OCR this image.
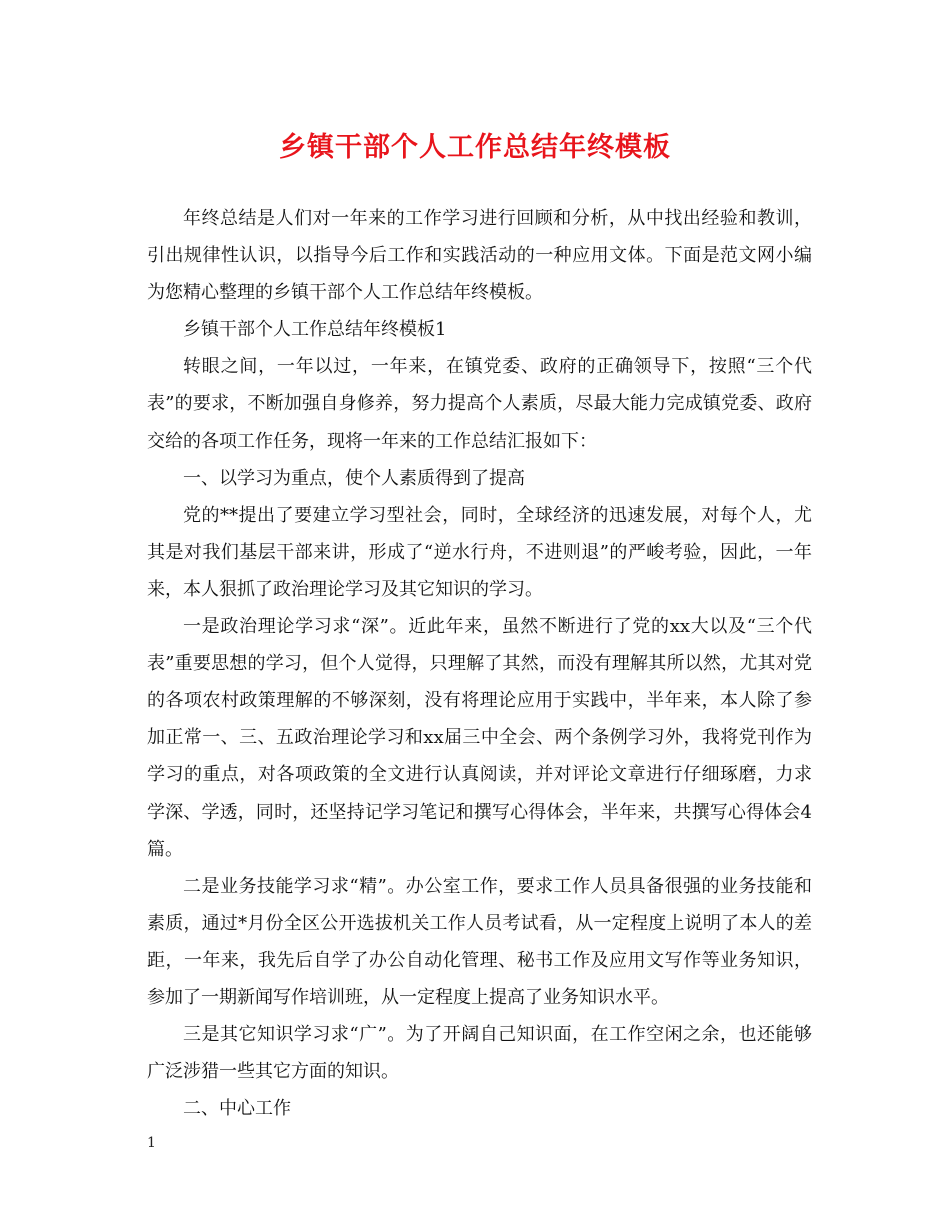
乡镇干部个人工作总结年终模板

年终总结是人们对一年来的工作学习进行回顾和分析，从中找出经验和教训，引出规律性认识，以指导今后工作和实践活动的一种应用文体。下面是范文网小编为您精心整理的乡镇干部个人工作总结年终模板。

乡镇干部个人工作总结年终模板1

转眼之间，一年以过，一年来，在镇党委、政府的正确领导下，按照“三个代表”的要求，不断加强自身修养，努力提高个人素质，尽最大能力完成镇党委、政府交给的各项工作任务，现将一年来的工作总结汇报如下：

一、以学习为重点，使个人素质得到了提高

党的**提出了要建立学习型社会，同时，全球经济的迅速发展，对每个人，尤其是对我们基层干部来讲，形成了“逆水行舟，不进则退”的严峻考验，因此，一年来，本人狠抓了政治理论学习及其它知识的学习。

一是政治理论学习求“深”。近此年来，虽然不断进行了党的xx大以及“三个代表”重要思想的学习，但个人觉得，只理解了其然，而没有理解其所以然，尤其对党的各项农村政策理解的不够深刻，没有将理论应用于实践中，半年来，本人除了参加正常一、三、五政治理论学习和xx届三中全会、两个条例学习外，我将党刊作为学习的重点，对各项政策的全文进行认真阅读，并对评论文章进行仔细琢磨，力求学深、学透，同时，还坚持记学习笔记和撰写心得体会，半年来，共撰写心得体会4篇。

二是业务技能学习求“精”。办公室工作，要求工作人员具备很强的业务技能和素质，通过*月份全区公开选拔机关工作人员考试看，从一定程度上说明了本人的差距，一年来，我先后自学了办公自动化管理、秘书工作及应用文写作等业务知识，参加了一期新闻写作培训班，从一定程度上提高了业务知识水平。

三是其它知识学习求“广”。为了开阔自己知识面，在工作空闲之余，也还能够广泛涉猎一些其它方面的知识。

二、中心工作

1
